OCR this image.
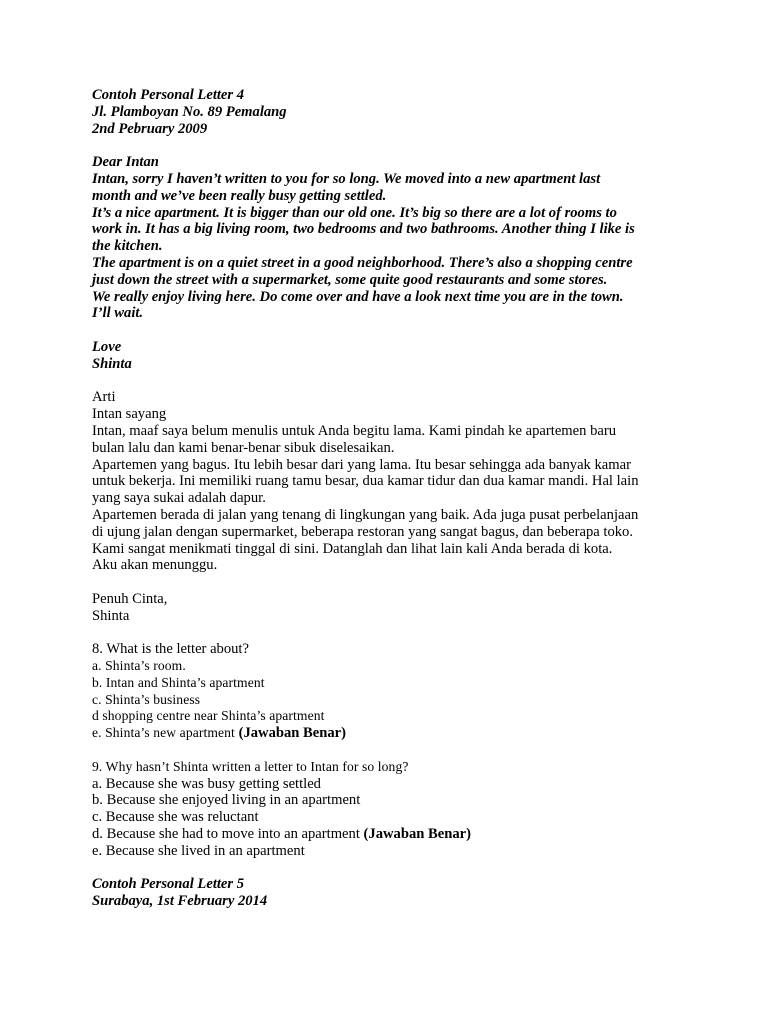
Contoh Personal Letter 4
Jl. Plamboyan No. 89 Pemalang
2nd Pebruary 2009
Dear Intan
Intan, sorry I haven’t written to you for so long. We moved into a new apartment last
month and we’ve been really busy getting settled.
It’s a nice apartment. It is bigger than our old one. It’s big so there are a lot of rooms to
work in. It has a big living room, two bedrooms and two bathrooms. Another thing I like is
the kitchen.
The apartment is on a quiet street in a good neighborhood. There’s also a shopping centre
just down the street with a supermarket, some quite good restaurants and some stores.
We really enjoy living here. Do come over and have a look next time you are in the town.
I’ll wait.
Love
Shinta
Arti
Intan sayang
Intan, maaf saya belum menulis untuk Anda begitu lama. Kami pindah ke apartemen baru
bulan lalu dan kami benar-benar sibuk diselesaikan.
Apartemen yang bagus. Itu lebih besar dari yang lama. Itu besar sehingga ada banyak kamar
untuk bekerja. Ini memiliki ruang tamu besar, dua kamar tidur dan dua kamar mandi. Hal lain
yang saya sukai adalah dapur.
Apartemen berada di jalan yang tenang di lingkungan yang baik. Ada juga pusat perbelanjaan
di ujung jalan dengan supermarket, beberapa restoran yang sangat bagus, dan beberapa toko.
Kami sangat menikmati tinggal di sini. Datanglah dan lihat lain kali Anda berada di kota.
Aku akan menunggu.
Penuh Cinta,
Shinta
8. What is the letter about?
a. Shinta’s room.
b. Intan and Shinta’s apartment
c. Shinta’s business
d shopping centre near Shinta’s apartment
e. Shinta’s new apartment (Jawaban Benar)
9. Why hasn’t Shinta written a letter to Intan for so long?
a. Because she was busy getting settled
b. Because she enjoyed living in an apartment
c. Because she was reluctant
d. Because she had to move into an apartment (Jawaban Benar)
e. Because she lived in an apartment
Contoh Personal Letter 5
Surabaya, 1st February 2014
